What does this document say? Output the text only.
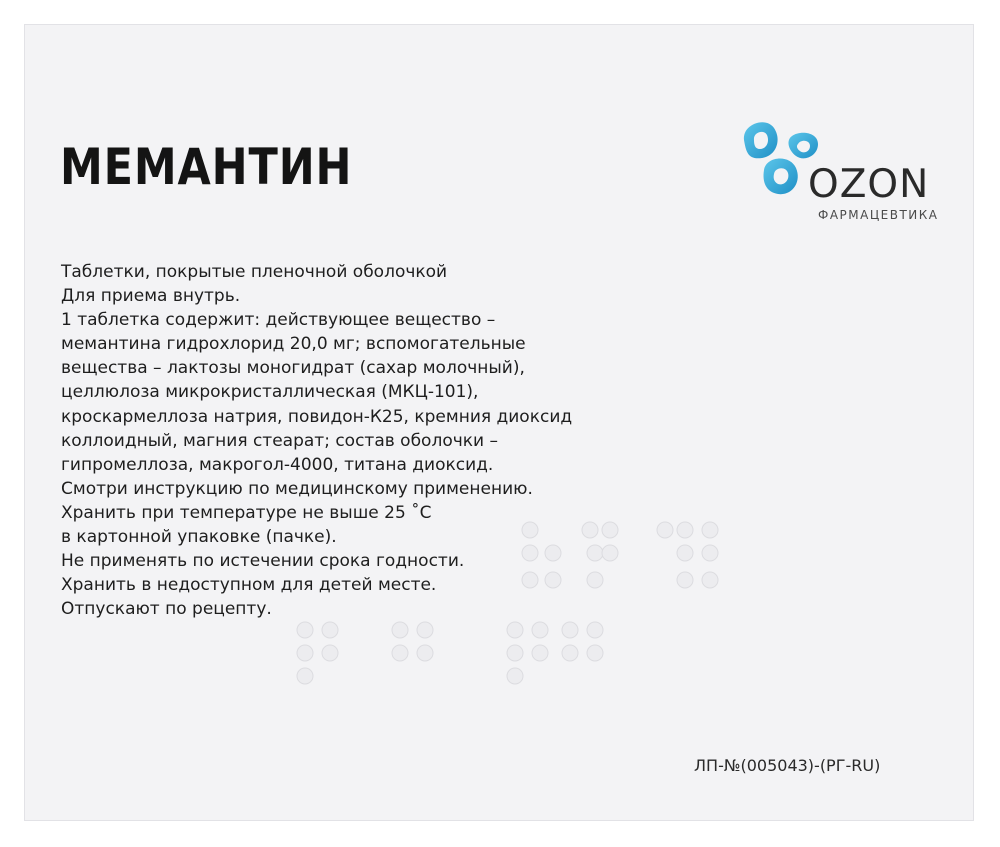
МЕМАНТИН	OZON
ФАРМАЦЕВТИКА
Таблетки, покрытые пленочной оболочкой
Для приема внутрь.
1 таблетка содержит: действующее вещество –
мемантина гидрохлорид 20,0 мг; вспомогательные
вещества – лактозы моногидрат (сахар молочный),
целлюлоза микрокристаллическая (МКЦ-101),
кроскармеллоза натрия, повидон-К25, кремния диоксид
коллоидный, магния стеарат; состав оболочки –
гипромеллоза, макрогол-4000, титана диоксид.
Смотри инструкцию по медицинскому применению.
Хранить при температуре не выше 25 ˚С
в картонной упаковке (пачке).
Не применять по истечении срока годности.
Хранить в недоступном для детей месте.
Отпускают по рецепту.
ЛП-№(005043)-(РГ-RU)
